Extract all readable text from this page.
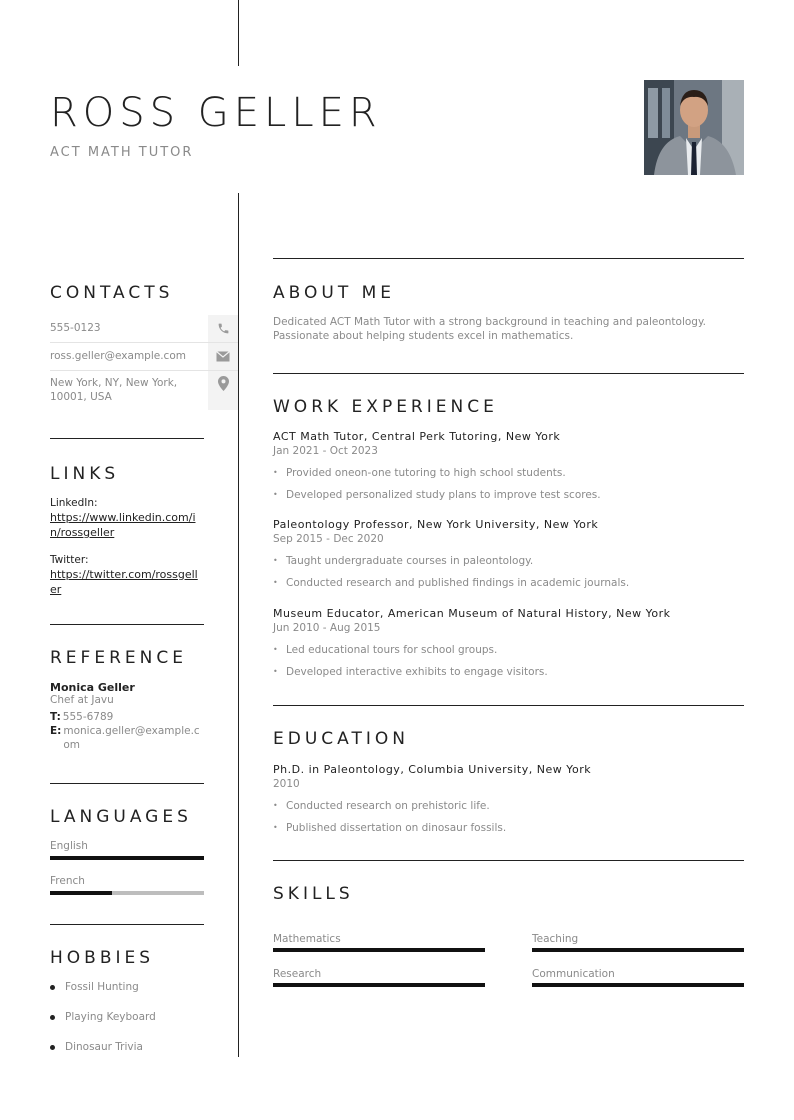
ROSS GELLER
ACT MATH TUTOR
CONTACTS
555-0123
ross.geller@example.com
New York, NY, New York, 10001, USA
LINKS
LinkedIn:
https://www.linkedin.com/in/rossgeller
Twitter:
https://twitter.com/rossgeller
REFERENCE
Monica Geller
Chef at Javu
T: 555-6789
E: monica.geller@example.com
LANGUAGES
English
French
HOBBIES
Fossil Hunting
Playing Keyboard
Dinosaur Trivia
ABOUT ME
Dedicated ACT Math Tutor with a strong background in teaching and paleontology. Passionate about helping students excel in mathematics.
WORK EXPERIENCE
ACT Math Tutor, Central Perk Tutoring, New York
Jan 2021 - Oct 2023
• Provided oneon-one tutoring to high school students.
• Developed personalized study plans to improve test scores.
Paleontology Professor, New York University, New York
Sep 2015 - Dec 2020
• Taught undergraduate courses in paleontology.
• Conducted research and published findings in academic journals.
Museum Educator, American Museum of Natural History, New York
Jun 2010 - Aug 2015
• Led educational tours for school groups.
• Developed interactive exhibits to engage visitors.
EDUCATION
Ph.D. in Paleontology, Columbia University, New York
2010
• Conducted research on prehistoric life.
• Published dissertation on dinosaur fossils.
SKILLS
Mathematics	Teaching
Research	Communication
